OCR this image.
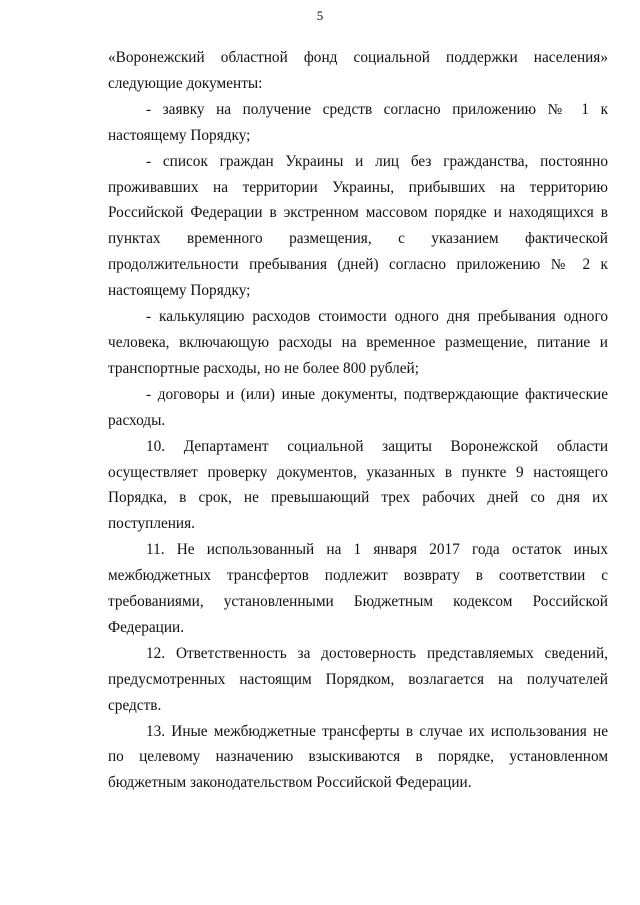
5

«Воронежский областной фонд социальной поддержки населения» следующие документы:

- заявку на получение средств согласно приложению № 1 к настоящему Порядку;

- список граждан Украины и лиц без гражданства, постоянно проживавших на территории Украины, прибывших на территорию Российской Федерации в экстренном массовом порядке и находящихся в пунктах временного размещения, с указанием фактической продолжительности пребывания (дней) согласно приложению № 2 к настоящему Порядку;

- калькуляцию расходов стоимости одного дня пребывания одного человека, включающую расходы на временное размещение, питание и транспортные расходы, но не более 800 рублей;

- договоры и (или) иные документы, подтверждающие фактические расходы.

10. Департамент социальной защиты Воронежской области осуществляет проверку документов, указанных в пункте 9 настоящего Порядка, в срок, не превышающий трех рабочих дней со дня их поступления.

11. Не использованный на 1 января 2017 года остаток иных межбюджетных трансфертов подлежит возврату в соответствии с требованиями, установленными Бюджетным кодексом Российской Федерации.

12. Ответственность за достоверность представляемых сведений, предусмотренных настоящим Порядком, возлагается на получателей средств.

13. Иные межбюджетные трансферты в случае их использования не по целевому назначению взыскиваются в порядке, установленном бюджетным законодательством Российской Федерации.
